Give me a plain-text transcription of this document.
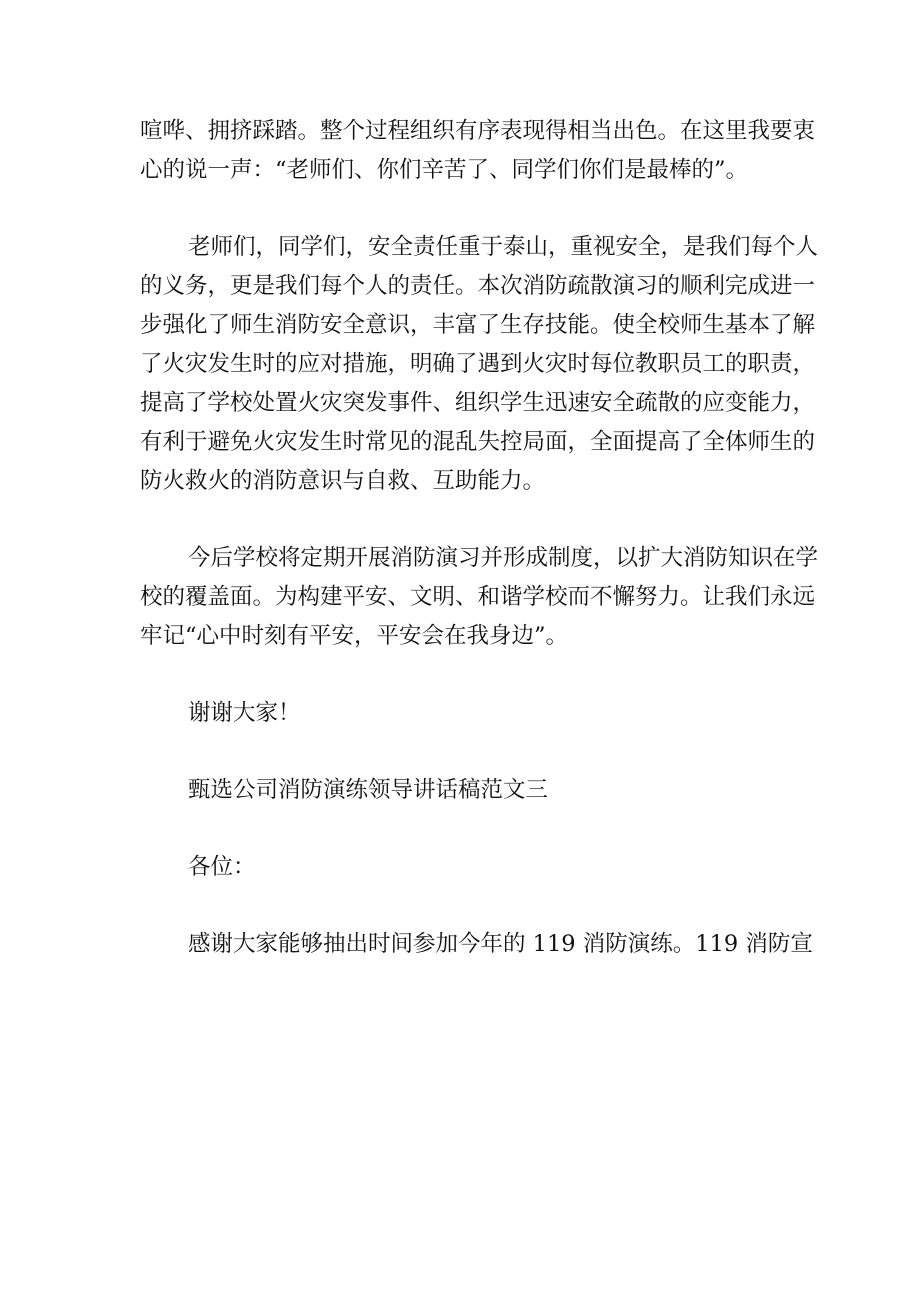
喧哗、拥挤踩踏。整个过程组织有序表现得相当出色。在这里我要衷
心的说一声：“老师们、你们辛苦了、同学们你们是最棒的”。

老师们，同学们，安全责任重于泰山，重视安全，是我们每个人
的义务，更是我们每个人的责任。本次消防疏散演习的顺利完成进一
步强化了师生消防安全意识，丰富了生存技能。使全校师生基本了解
了火灾发生时的应对措施，明确了遇到火灾时每位教职员工的职责，
提高了学校处置火灾突发事件、组织学生迅速安全疏散的应变能力，
有利于避免火灾发生时常见的混乱失控局面，全面提高了全体师生的
防火救火的消防意识与自救、互助能力。

今后学校将定期开展消防演习并形成制度，以扩大消防知识在学
校的覆盖面。为构建平安、文明、和谐学校而不懈努力。让我们永远
牢记“心中时刻有平安，平安会在我身边”。

谢谢大家！

甄选公司消防演练领导讲话稿范文三

各位：

感谢大家能够抽出时间参加今年的 119 消防演练。119 消防宣
